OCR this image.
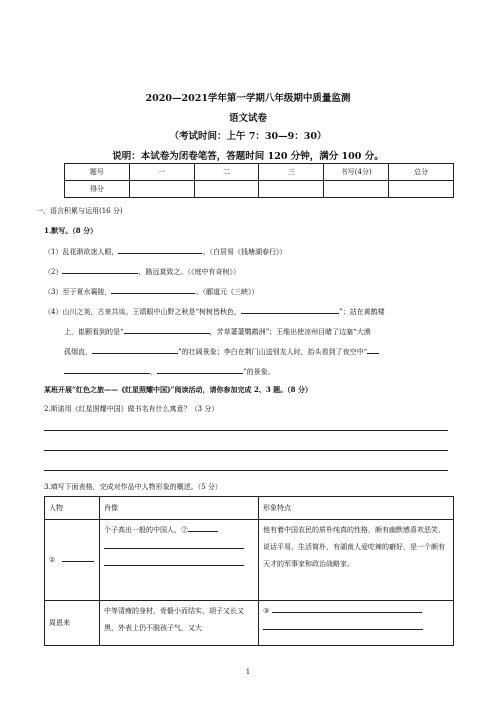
2020—2021学年第一学期八年级期中质量监测
语文试卷
（考试时间：上午 7：30—9：30）
说明：本试卷为闭卷笔答，答题时间 120 分钟，满分 100 分。
题号	一	二	三	书写(4分)	总分
得分					
一、语言积累与运用(16 分)
1.默写。（8 分）
（1）乱花渐欲迷人眼，	。（白居易《钱塘湖春行》）
（2）	，路远莫致之。（《庭中有奇树》）
（3）至于夏水襄陵，	。（郦道元《三峡》）
（4）山川之美，古来共谈。王绩眼中山野之秋是“树树皆秋色，	”；站在黄鹤楼
上，崔颢看到的是“	，芳草萋萋鹦鹉洲”；王维出使凉州目睹了边塞“大漠
孤烟直，	”的壮阔景象；李白在荆门山送别友人时，抬头看到了夜空中“
，	”的景象。
某班开展“红色之旅——《红星照耀中国》”阅读活动，请你参加完成 2、3 题。（8 分）
2.斯诺用《红星照耀中国》做书名有什么寓意？（3 分）
3.填写下面表格，完成对作品中人物形象的概述。（5 分）
人物	肖像	形象特点
①	个子高出一般的中国人，②	他有着中国农民的质朴纯真的性格，颇有幽默感喜欢恶笑，说话平易，生活简朴，有湖南人爱吃辣的癖好，是一个颇有天才的军事家和政治战略家。
周恩来	中等清瘦的身材，骨骼小而结实，胡子又长又黑，外表上仍不脱孩子气，又大	③

1
